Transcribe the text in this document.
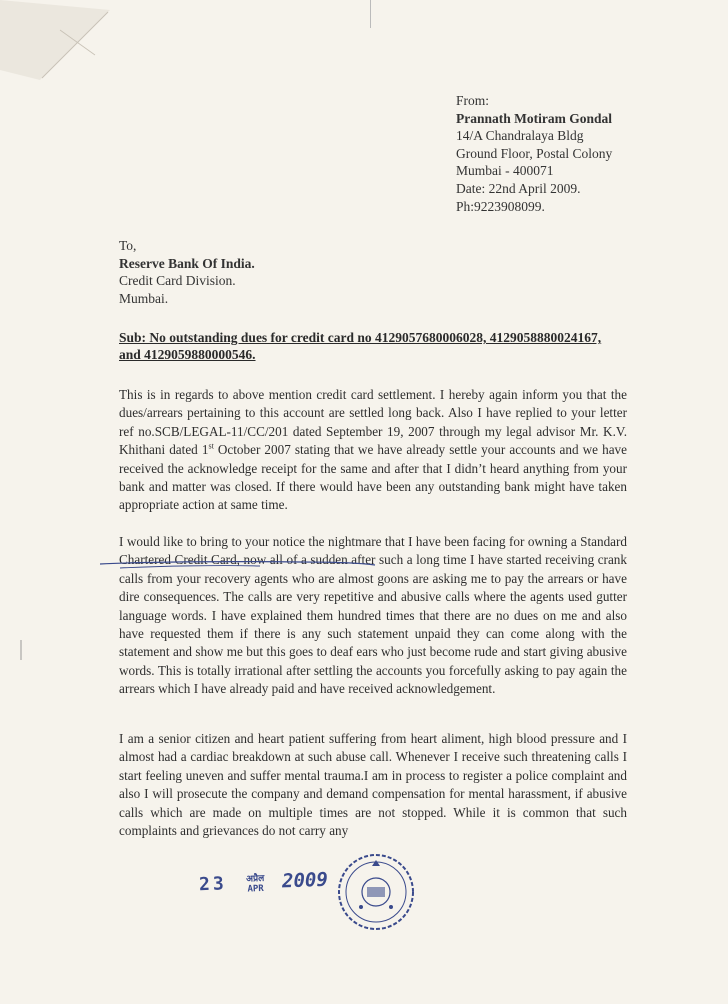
From:
Prannath Motiram Gondal
14/A Chandralaya Bldg
Ground Floor, Postal Colony
Mumbai - 400071
Date: 22nd April 2009.
Ph:9223908099.
To,
Reserve Bank Of India.
Credit Card Division.
Mumbai.
Sub: No outstanding dues for credit card no 4129057680006028, 4129058880024167,
and 4129059880000546.
This is in regards to above mention credit card settlement. I hereby again inform you that the dues/arrears pertaining to this account are settled long back. Also I have replied to your letter ref no.SCB/LEGAL-11/CC/201 dated September 19, 2007 through my legal advisor Mr. K.V. Khithani dated 1st October 2007 stating that we have already settle your accounts and we have received the acknowledge receipt for the same and after that I didn’t heard anything from your bank and matter was closed. If there would have been any outstanding bank might have taken appropriate action at same time.
I would like to bring to your notice the nightmare that I have been facing for owning a Standard Chartered Credit Card, now all of a sudden after such a long time I have started receiving crank calls from your recovery agents who are almost goons are asking me to pay the arrears or have dire consequences. The calls are very repetitive and abusive calls where the agents used gutter language words. I have explained them hundred times that there are no dues on me and also have requested them if there is any such statement unpaid they can come along with the statement and show me but this goes to deaf ears who just become rude and start giving abusive words. This is totally irrational after settling the accounts you forcefully asking to pay again the arrears which I have already paid and have received acknowledgement.
I am a senior citizen and heart patient suffering from heart aliment, high blood pressure and I almost had a cardiac breakdown at such abuse call. Whenever I receive such threatening calls I start feeling uneven and suffer mental trauma.I am in process to register a police complaint and also I will prosecute the company and demand compensation for mental harassment, if abusive calls which are made on multiple times are not stopped. While it is common that such complaints and grievances do not carry any
23 अप्रैल
APR 2009
